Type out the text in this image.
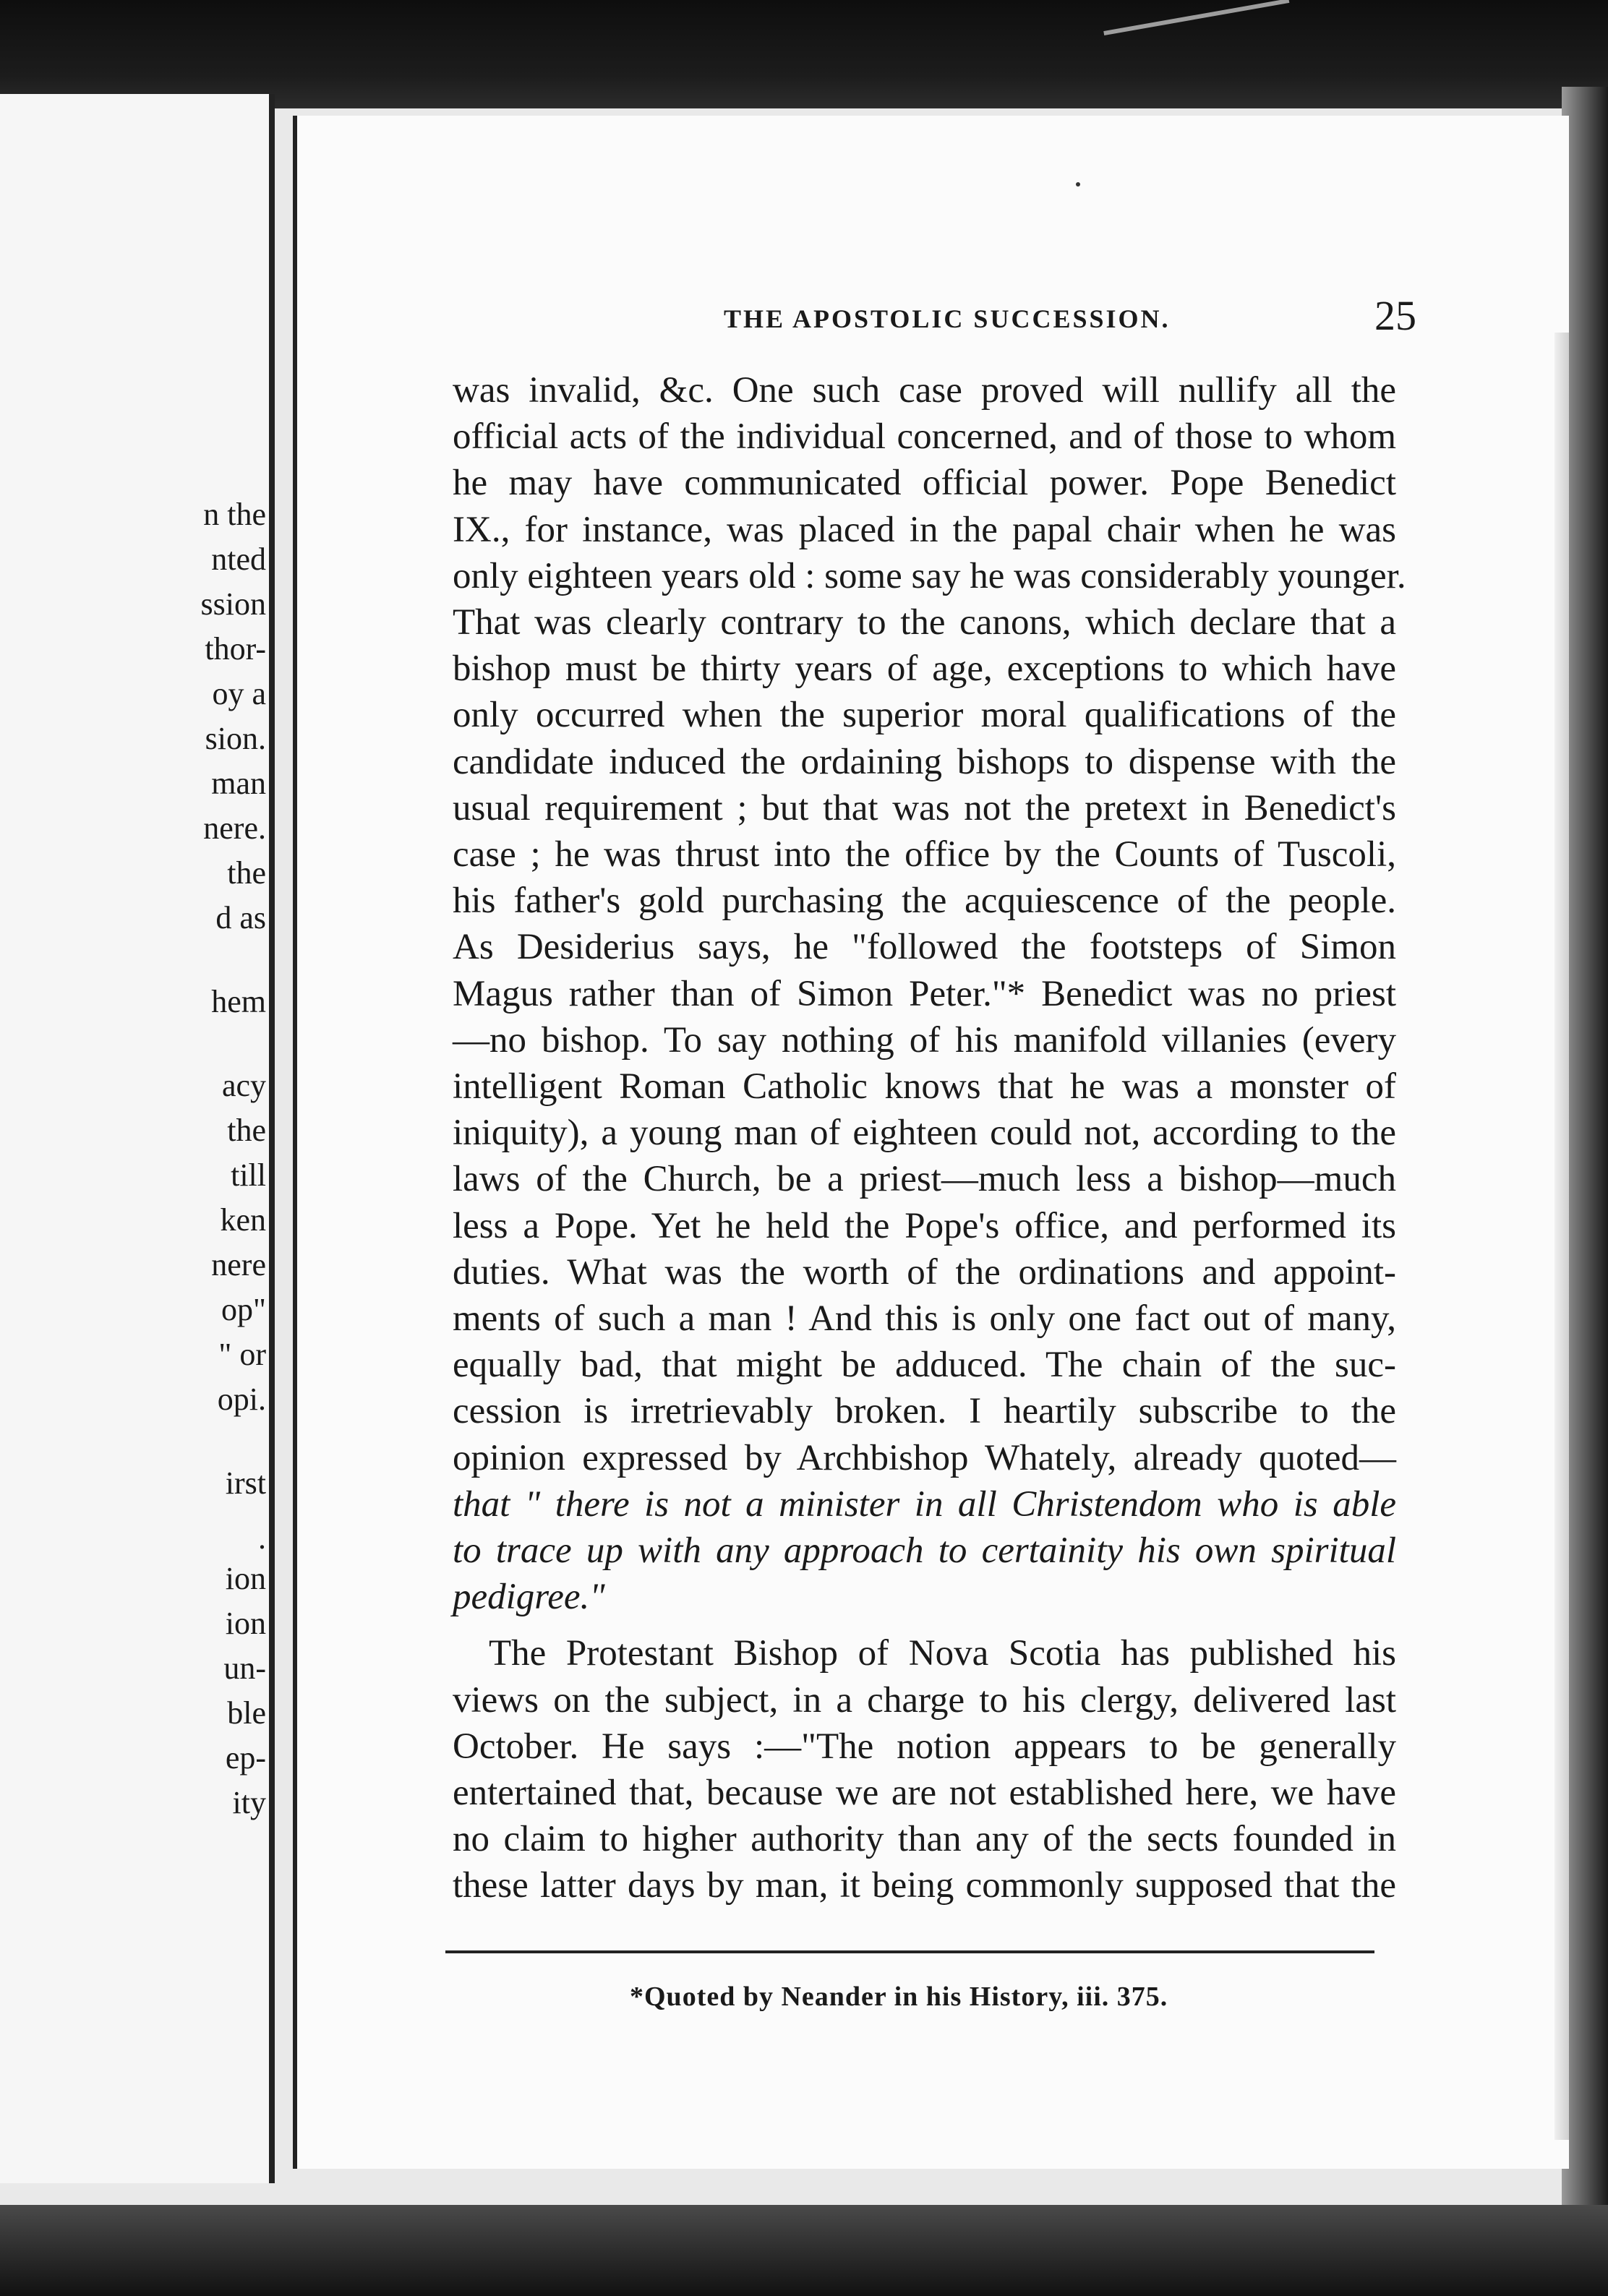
n the
nted
ssion
thor-
oy a
sion.
man
nere.
the
d as
hem
acy
the
till
ken
nere
op"
" or
opi.
irst
.
ion
ion
un-
ble
ep-
ity
THE APOSTOLIC SUCCESSION.	25
was invalid, &c. One such case proved will nullify all the
official acts of the individual concerned, and of those to whom
he may have communicated official power. Pope Benedict
IX., for instance, was placed in the papal chair when he was
only eighteen years old : some say he was considerably younger.
That was clearly contrary to the canons, which declare that a
bishop must be thirty years of age, exceptions to which have
only occurred when the superior moral qualifications of the
candidate induced the ordaining bishops to dispense with the
usual requirement ; but that was not the pretext in Benedict's
case ; he was thrust into the office by the Counts of Tuscoli,
his father's gold purchasing the acquiescence of the people.
As Desiderius says, he "followed the footsteps of Simon
Magus rather than of Simon Peter."* Benedict was no priest
—no bishop. To say nothing of his manifold villanies (every
intelligent Roman Catholic knows that he was a monster of
iniquity), a young man of eighteen could not, according to the
laws of the Church, be a priest—much less a bishop—much
less a Pope. Yet he held the Pope's office, and performed its
duties. What was the worth of the ordinations and appoint-
ments of such a man ! And this is only one fact out of many,
equally bad, that might be adduced. The chain of the suc-
cession is irretrievably broken. I heartily subscribe to the
opinion expressed by Archbishop Whately, already quoted—
that " there is not a minister in all Christendom who is able
to trace up with any approach to certainity his own spiritual
pedigree."
The Protestant Bishop of Nova Scotia has published his
views on the subject, in a charge to his clergy, delivered last
October. He says :—"The notion appears to be generally
entertained that, because we are not established here, we have
no claim to higher authority than any of the sects founded in
these latter days by man, it being commonly supposed that the
*Quoted by Neander in his History, iii. 375.
